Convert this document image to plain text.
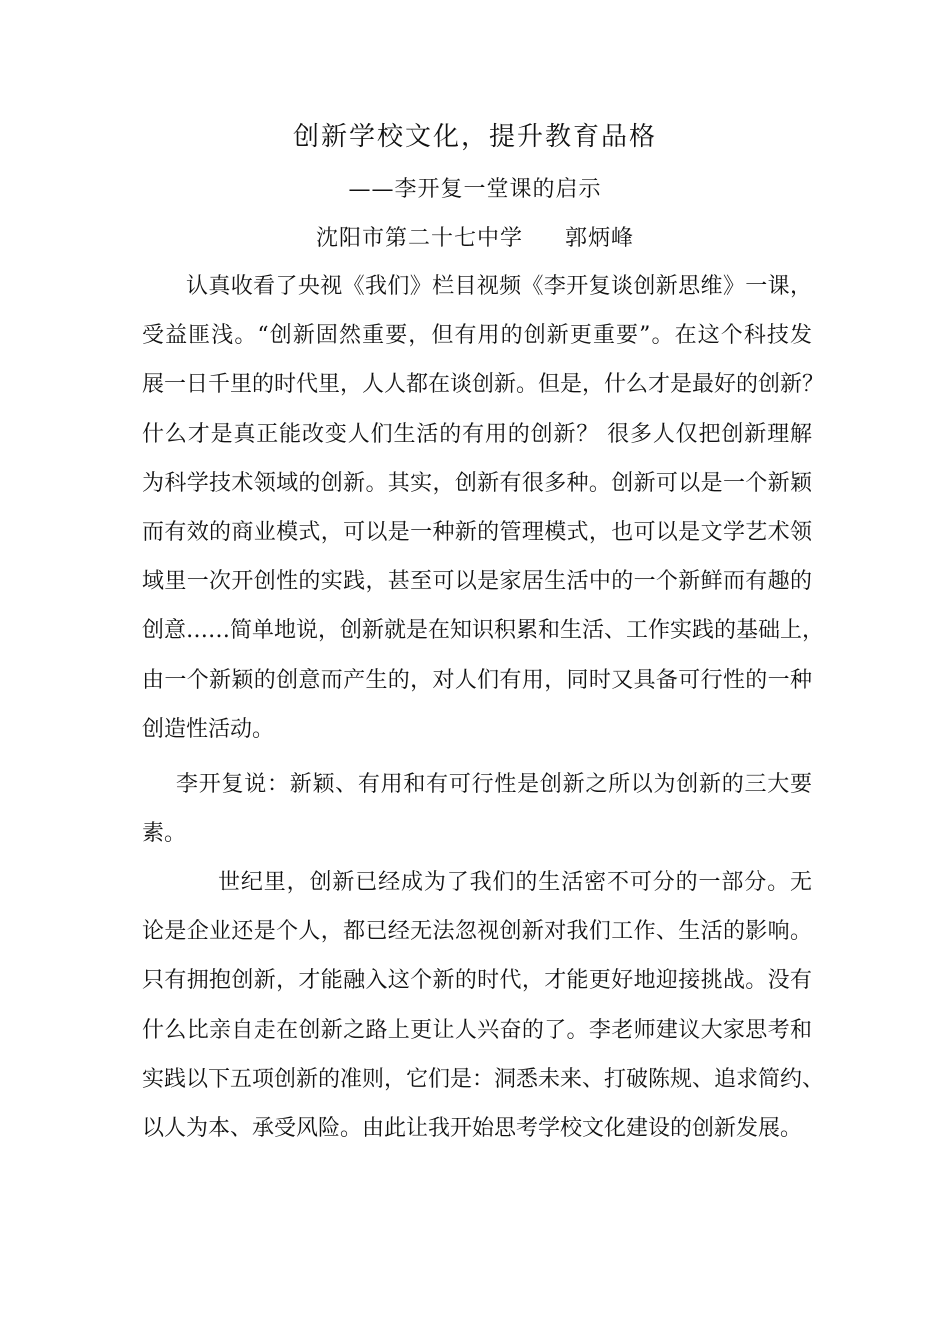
创新学校文化，提升教育品格
——李开复一堂课的启示
沈阳市第二十七中学 郭炳峰
认真收看了央视《我们》栏目视频《李开复谈创新思维》一课，
受益匪浅。“创新固然重要，但有用的创新更重要”。在这个科技发
展一日千里的时代里，人人都在谈创新。但是，什么才是最好的创新？
什么才是真正能改变人们生活的有用的创新？ 很多人仅把创新理解
为科学技术领域的创新。其实，创新有很多种。创新可以是一个新颖
而有效的商业模式，可以是一种新的管理模式，也可以是文学艺术领
域里一次开创性的实践，甚至可以是家居生活中的一个新鲜而有趣的
创意……简单地说，创新就是在知识积累和生活、工作实践的基础上，
由一个新颖的创意而产生的，对人们有用，同时又具备可行性的一种
创造性活动。
李开复说：新颖、有用和有可行性是创新之所以为创新的三大要
素。
世纪里，创新已经成为了我们的生活密不可分的一部分。无
论是企业还是个人，都已经无法忽视创新对我们工作、生活的影响。
只有拥抱创新，才能融入这个新的时代，才能更好地迎接挑战。没有
什么比亲自走在创新之路上更让人兴奋的了。李老师建议大家思考和
实践以下五项创新的准则，它们是：洞悉未来、打破陈规、追求简约、
以人为本、承受风险。由此让我开始思考学校文化建设的创新发展。
